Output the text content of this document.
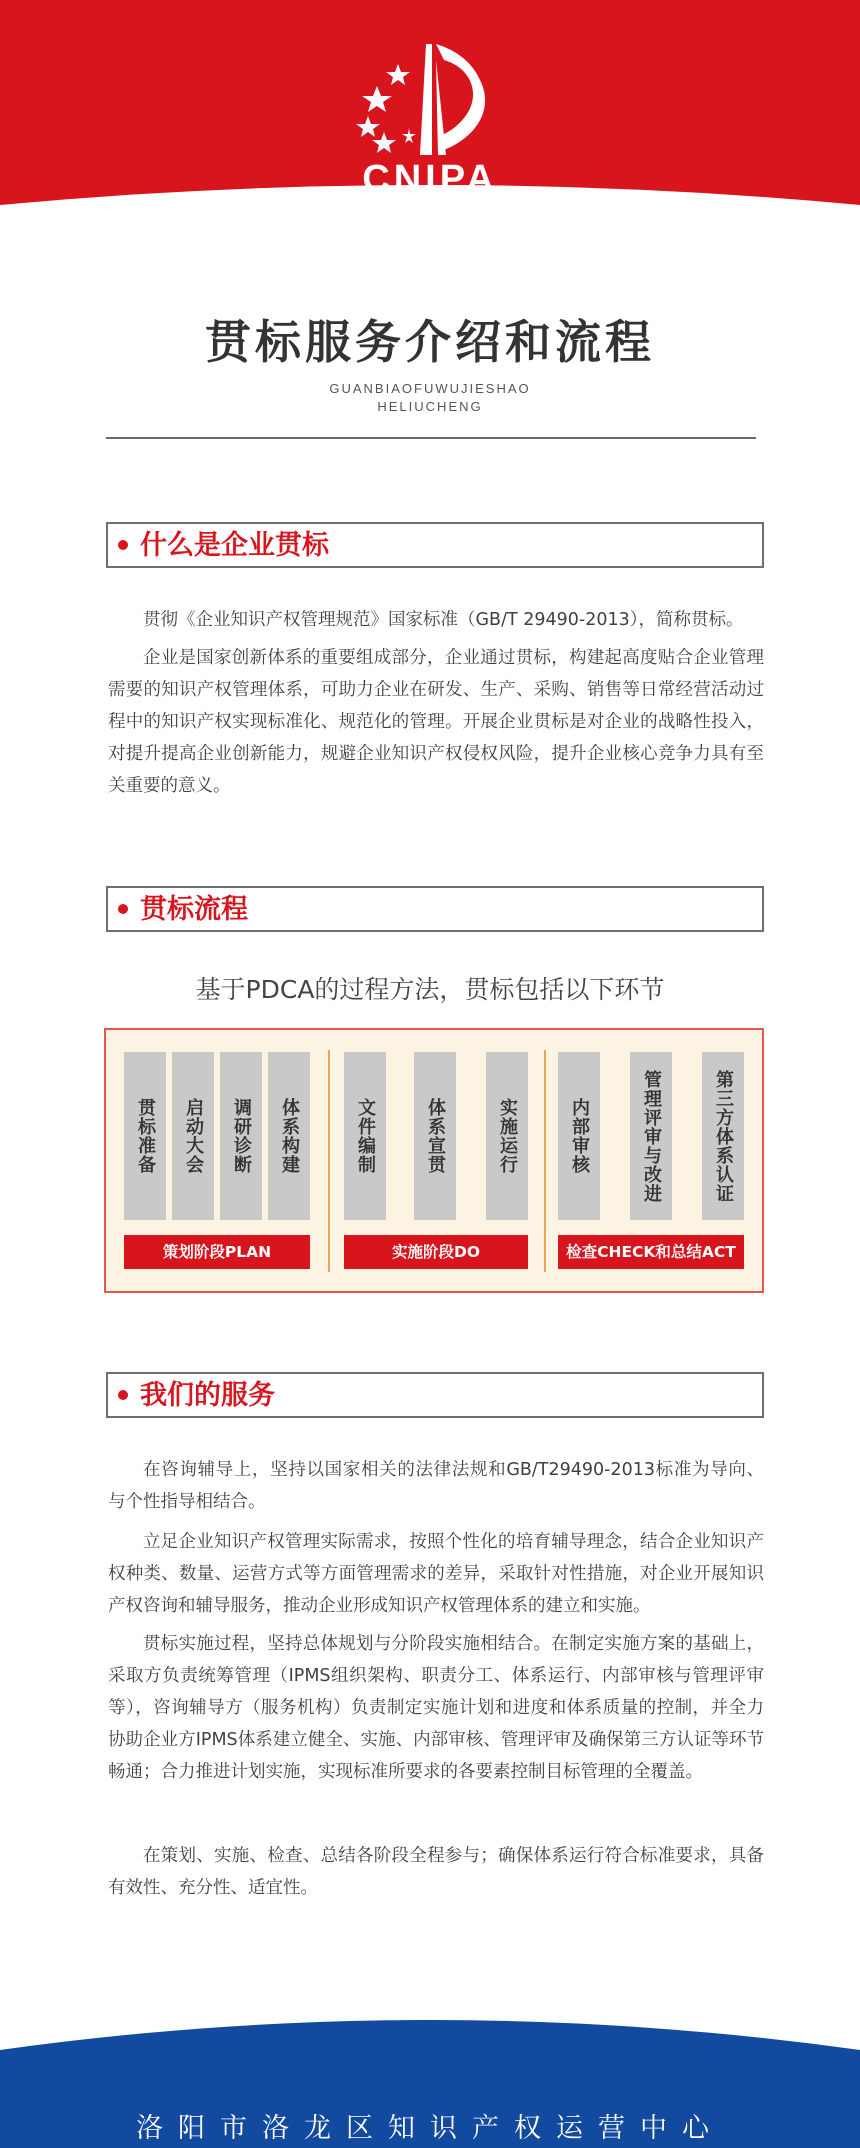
CNIPA
贯标服务介绍和流程
GUANBIAOFUWUJIESHAO
HELIUCHENG
什么是企业贯标
贯彻《企业知识产权管理规范》国家标准（GB/T 29490-2013），简称贯标。
企业是国家创新体系的重要组成部分，企业通过贯标，构建起高度贴合企业管理需要的知识产权管理体系，可助力企业在研发、生产、采购、销售等日常经营活动过程中的知识产权实现标准化、规范化的管理。开展企业贯标是对企业的战略性投入，对提升提高企业创新能力，规避企业知识产权侵权风险，提升企业核心竞争力具有至关重要的意义。
贯标流程
基于PDCA的过程方法，贯标包括以下环节
贯标准备	启动大会	调研诊断	体系构建	文件编制	体系宣贯	实施运行	内部审核	管理评审与改进	第三方体系认证
策划阶段PLAN	实施阶段DO	检查CHECK和总结ACT
我们的服务
在咨询辅导上，坚持以国家相关的法律法规和GB/T29490-2013标准为导向、与个性指导相结合。
立足企业知识产权管理实际需求，按照个性化的培育辅导理念，结合企业知识产权种类、数量、运营方式等方面管理需求的差异，采取针对性措施，对企业开展知识产权咨询和辅导服务，推动企业形成知识产权管理体系的建立和实施。
贯标实施过程，坚持总体规划与分阶段实施相结合。在制定实施方案的基础上，采取方负责统筹管理（IPMS组织架构、职责分工、体系运行、内部审核与管理评审等），咨询辅导方（服务机构）负责制定实施计划和进度和体系质量的控制，并全力协助企业方IPMS体系建立健全、实施、内部审核、管理评审及确保第三方认证等环节畅通；合力推进计划实施，实现标准所要求的各要素控制目标管理的全覆盖。
在策划、实施、检查、总结各阶段全程参与；确保体系运行符合标准要求，具备有效性、充分性、适宜性。
洛阳市洛龙区知识产权运营中心
